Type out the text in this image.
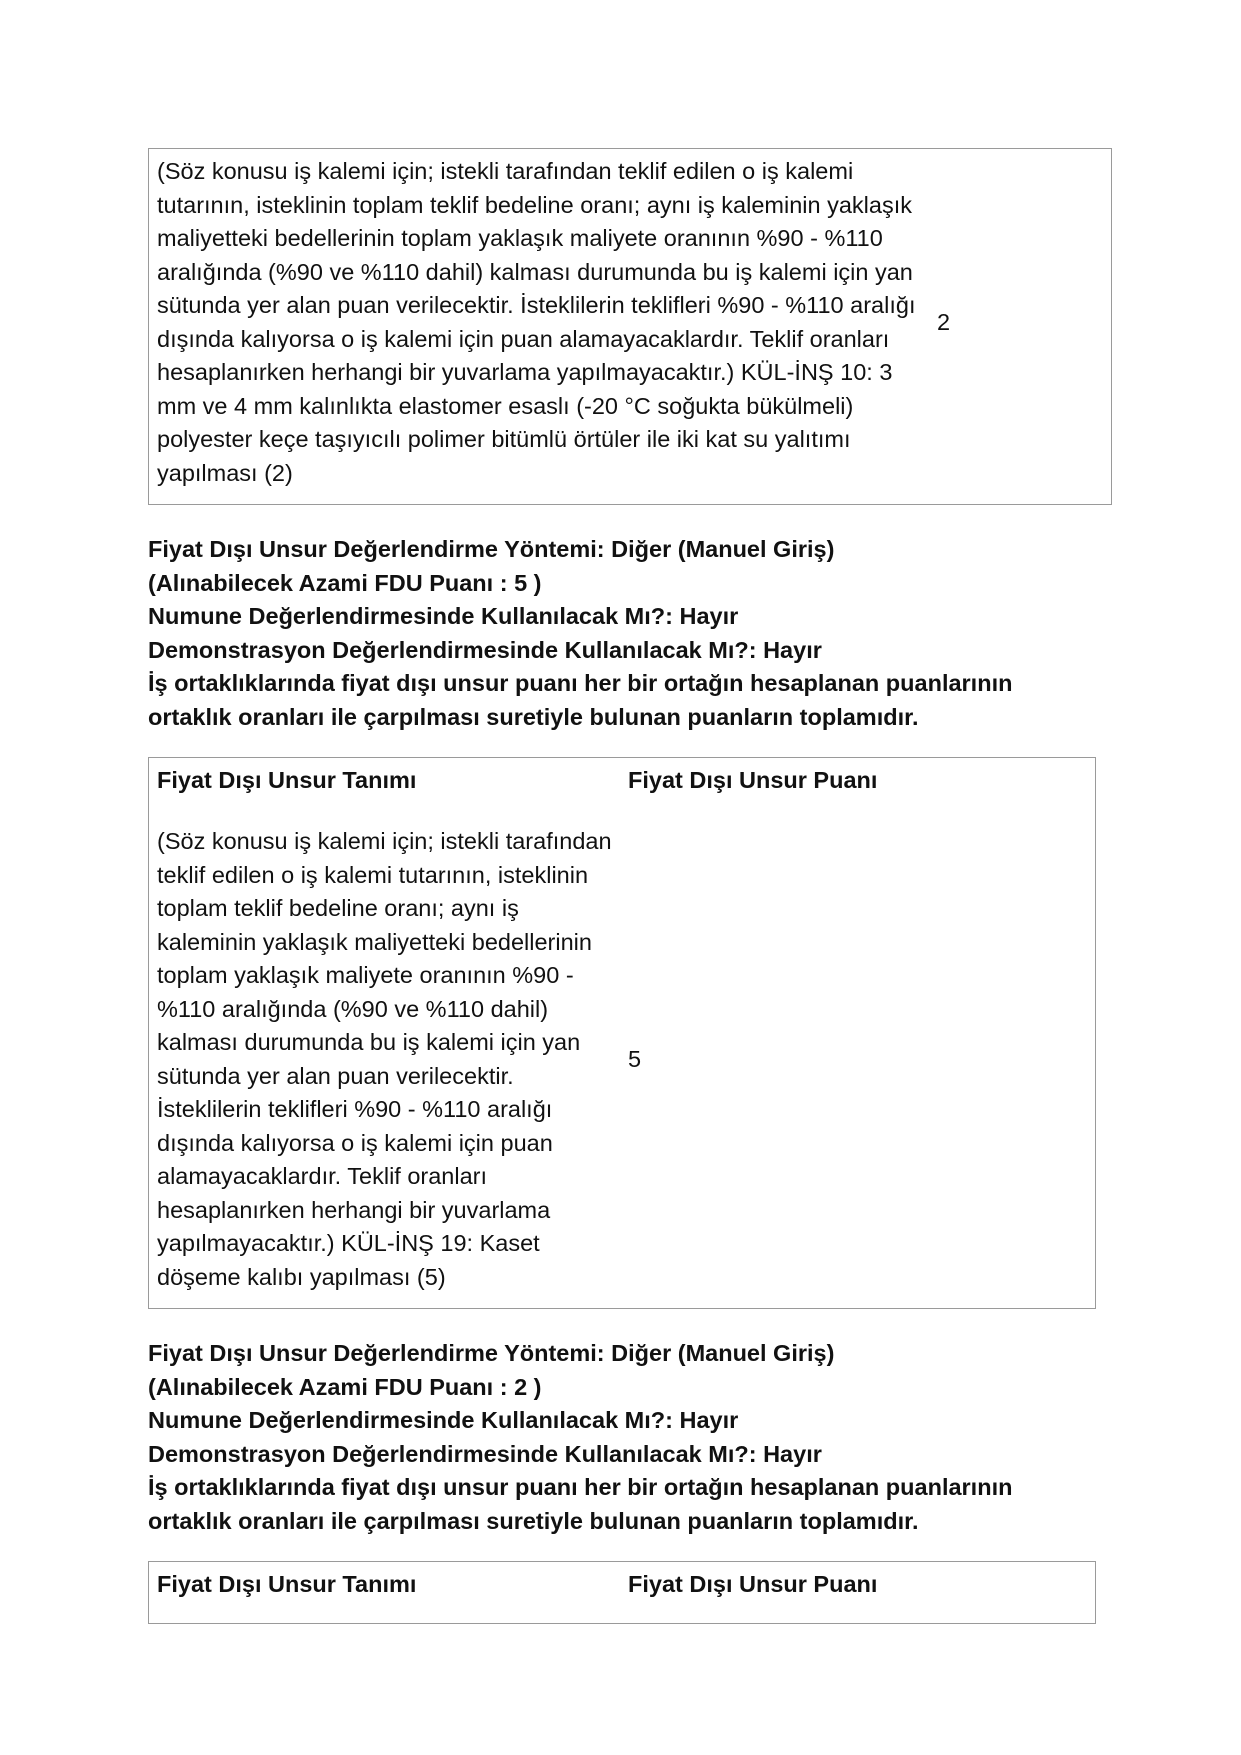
(Söz konusu iş kalemi için; istekli tarafından teklif edilen o iş kalemi tutarının, isteklinin toplam teklif bedeline oranı; aynı iş kaleminin yaklaşık maliyetteki bedellerinin toplam yaklaşık maliyete oranının %90 - %110 aralığında (%90 ve %110 dahil) kalması durumunda bu iş kalemi için yan sütunda yer alan puan verilecektir. İsteklilerin teklifleri %90 - %110 aralığı dışında kalıyorsa o iş kalemi için puan alamayacaklardır. Teklif oranları hesaplanırken herhangi bir yuvarlama yapılmayacaktır.) KÜL-İNŞ 10: 3 mm ve 4 mm kalınlıkta elastomer esaslı (-20 °C soğukta bükülmeli) polyester keçe taşıyıcılı polimer bitümlü örtüler ile iki kat su yalıtımı yapılması (2)	2

Fiyat Dışı Unsur Değerlendirme Yöntemi: Diğer (Manuel Giriş)

(Alınabilecek Azami FDU Puanı : 5 )

Numune Değerlendirmesinde Kullanılacak Mı?: Hayır

Demonstrasyon Değerlendirmesinde Kullanılacak Mı?: Hayır

İş ortaklıklarında fiyat dışı unsur puanı her bir ortağın hesaplanan puanlarının ortaklık oranları ile çarpılması suretiyle bulunan puanların toplamıdır.

Fiyat Dışı Unsur Tanımı	Fiyat Dışı Unsur Puanı
(Söz konusu iş kalemi için; istekli tarafından teklif edilen o iş kalemi tutarının, isteklinin toplam teklif bedeline oranı; aynı iş kaleminin yaklaşık maliyetteki bedellerinin toplam yaklaşık maliyete oranının %90 - %110 aralığında (%90 ve %110 dahil) kalması durumunda bu iş kalemi için yan sütunda yer alan puan verilecektir. İsteklilerin teklifleri %90 - %110 aralığı dışında kalıyorsa o iş kalemi için puan alamayacaklardır. Teklif oranları hesaplanırken herhangi bir yuvarlama yapılmayacaktır.) KÜL-İNŞ 19: Kaset döşeme kalıbı yapılması (5)	5

Fiyat Dışı Unsur Değerlendirme Yöntemi: Diğer (Manuel Giriş)

(Alınabilecek Azami FDU Puanı : 2 )

Numune Değerlendirmesinde Kullanılacak Mı?: Hayır

Demonstrasyon Değerlendirmesinde Kullanılacak Mı?: Hayır

İş ortaklıklarında fiyat dışı unsur puanı her bir ortağın hesaplanan puanlarının ortaklık oranları ile çarpılması suretiyle bulunan puanların toplamıdır.

Fiyat Dışı Unsur Tanımı	Fiyat Dışı Unsur Puanı
